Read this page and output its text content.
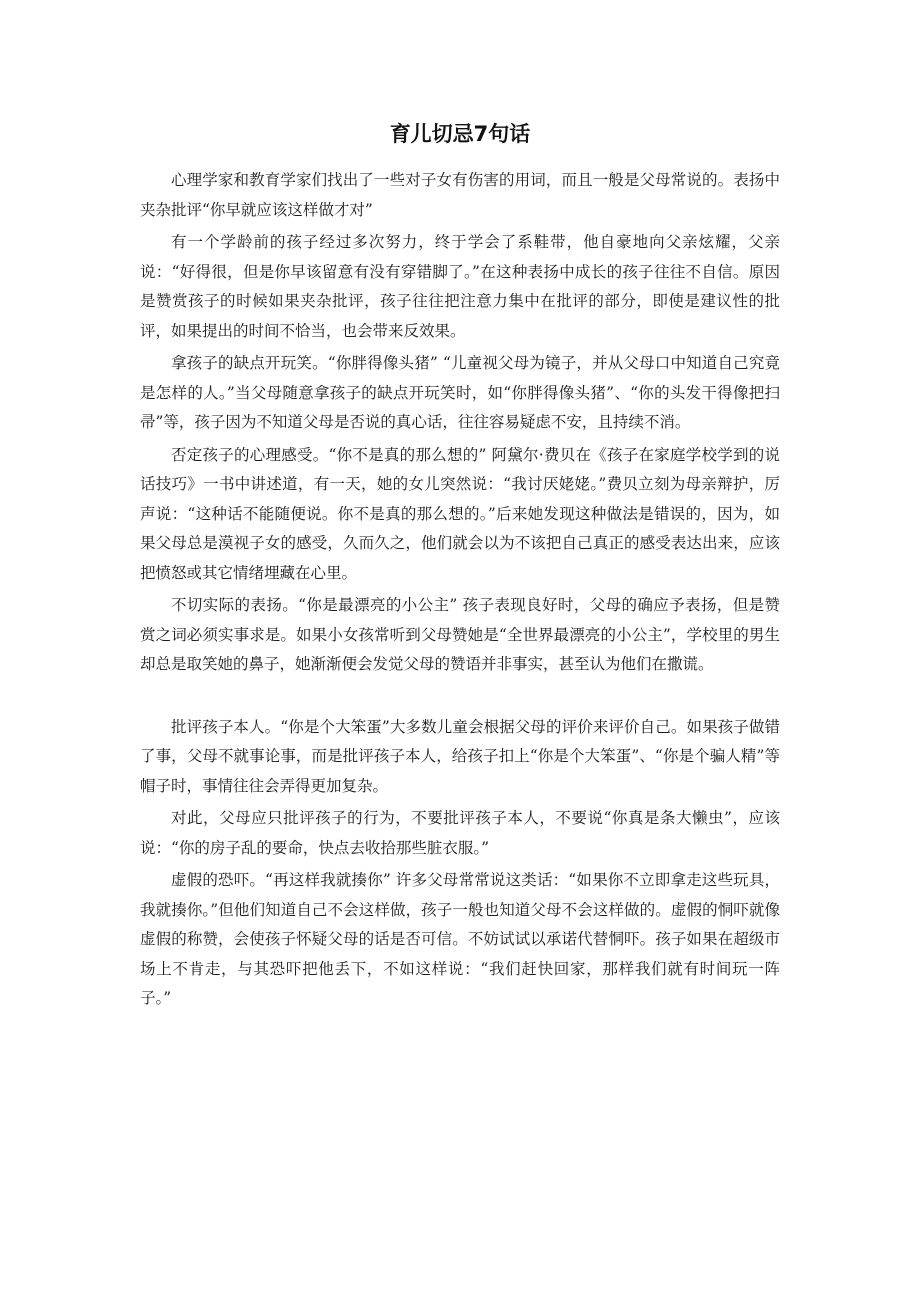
育儿切忌7句话

心理学家和教育学家们找出了一些对子女有伤害的用词，而且一般是父母常说的。表扬中夹杂批评“你早就应该这样做才对”

有一个学龄前的孩子经过多次努力，终于学会了系鞋带，他自豪地向父亲炫耀，父亲说：“好得很，但是你早该留意有没有穿错脚了。”在这种表扬中成长的孩子往往不自信。原因是赞赏孩子的时候如果夹杂批评，孩子往往把注意力集中在批评的部分，即使是建议性的批评，如果提出的时间不恰当，也会带来反效果。

拿孩子的缺点开玩笑。“你胖得像头猪” “儿童视父母为镜子，并从父母口中知道自己究竟是怎样的人。”当父母随意拿孩子的缺点开玩笑时，如“你胖得像头猪”、“你的头发干得像把扫帚”等，孩子因为不知道父母是否说的真心话，往往容易疑虑不安，且持续不消。

否定孩子的心理感受。“你不是真的那么想的” 阿黛尔·费贝在《孩子在家庭学校学到的说话技巧》一书中讲述道，有一天，她的女儿突然说：“我讨厌姥姥。”费贝立刻为母亲辩护，厉声说：“这种话不能随便说。你不是真的那么想的。”后来她发现这种做法是错误的，因为，如果父母总是漠视子女的感受，久而久之，他们就会以为不该把自己真正的感受表达出来，应该把愤怒或其它情绪埋藏在心里。

不切实际的表扬。“你是最漂亮的小公主” 孩子表现良好时，父母的确应予表扬，但是赞赏之词必须实事求是。如果小女孩常听到父母赞她是“全世界最漂亮的小公主”，学校里的男生却总是取笑她的鼻子，她渐渐便会发觉父母的赞语并非事实，甚至认为他们在撒谎。

批评孩子本人。“你是个大笨蛋”大多数儿童会根据父母的评价来评价自己。如果孩子做错了事，父母不就事论事，而是批评孩子本人，给孩子扣上“你是个大笨蛋”、“你是个骗人精”等帽子时，事情往往会弄得更加复杂。

对此，父母应只批评孩子的行为，不要批评孩子本人，不要说“你真是条大懒虫”，应该说：“你的房子乱的要命，快点去收拾那些脏衣服。”

虚假的恐吓。“再这样我就揍你” 许多父母常常说这类话：“如果你不立即拿走这些玩具，我就揍你。”但他们知道自己不会这样做，孩子一般也知道父母不会这样做的。虚假的恫吓就像虚假的称赞，会使孩子怀疑父母的话是否可信。不妨试试以承诺代替恫吓。孩子如果在超级市场上不肯走，与其恐吓把他丢下，不如这样说：“我们赶快回家，那样我们就有时间玩一阵子。”
